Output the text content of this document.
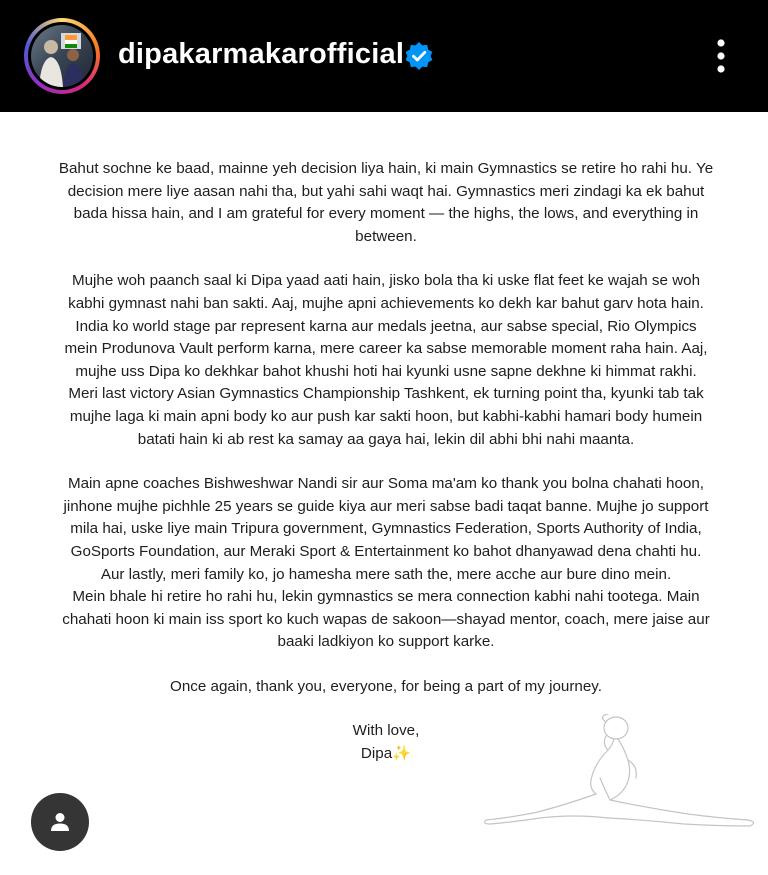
dipakarmakarofficial

Bahut sochne ke baad, mainne yeh decision liya hain, ki main Gymnastics se retire ho rahi hu. Ye decision mere liye aasan nahi tha, but yahi sahi waqt hai. Gymnastics meri zindagi ka ek bahut bada hissa hain, and I am grateful for every moment — the highs, the lows, and everything in between.

Mujhe woh paanch saal ki Dipa yaad aati hain, jisko bola tha ki uske flat feet ke wajah se woh kabhi gymnast nahi ban sakti. Aaj, mujhe apni achievements ko dekh kar bahut garv hota hain. India ko world stage par represent karna aur medals jeetna, aur sabse special, Rio Olympics mein Produnova Vault perform karna, mere career ka sabse memorable moment raha hain. Aaj, mujhe uss Dipa ko dekhkar bahot khushi hoti hai kyunki usne sapne dekhne ki himmat rakhi.

Meri last victory Asian Gymnastics Championship Tashkent, ek turning point tha, kyunki tab tak mujhe laga ki main apni body ko aur push kar sakti hoon, but kabhi-kabhi hamari body humein batati hain ki ab rest ka samay aa gaya hai, lekin dil abhi bhi nahi maanta.

Main apne coaches Bishweshwar Nandi sir aur Soma ma'am ko thank you bolna chahati hoon, jinhone mujhe pichhle 25 years se guide kiya aur meri sabse badi taqat banne. Mujhe jo support mila hai, uske liye main Tripura government, Gymnastics Federation, Sports Authority of India, GoSports Foundation, aur Meraki Sport & Entertainment ko bahot dhanyawad dena chahti hu. Aur lastly, meri family ko, jo hamesha mere sath the, mere acche aur bure dino mein.

Mein bhale hi retire ho rahi hu, lekin gymnastics se mera connection kabhi nahi tootega. Main chahati hoon ki main iss sport ko kuch wapas de sakoon—shayad mentor, coach, mere jaise aur baaki ladkiyon ko support karke.

Once again, thank you, everyone, for being a part of my journey.

With love,

Dipa✨
